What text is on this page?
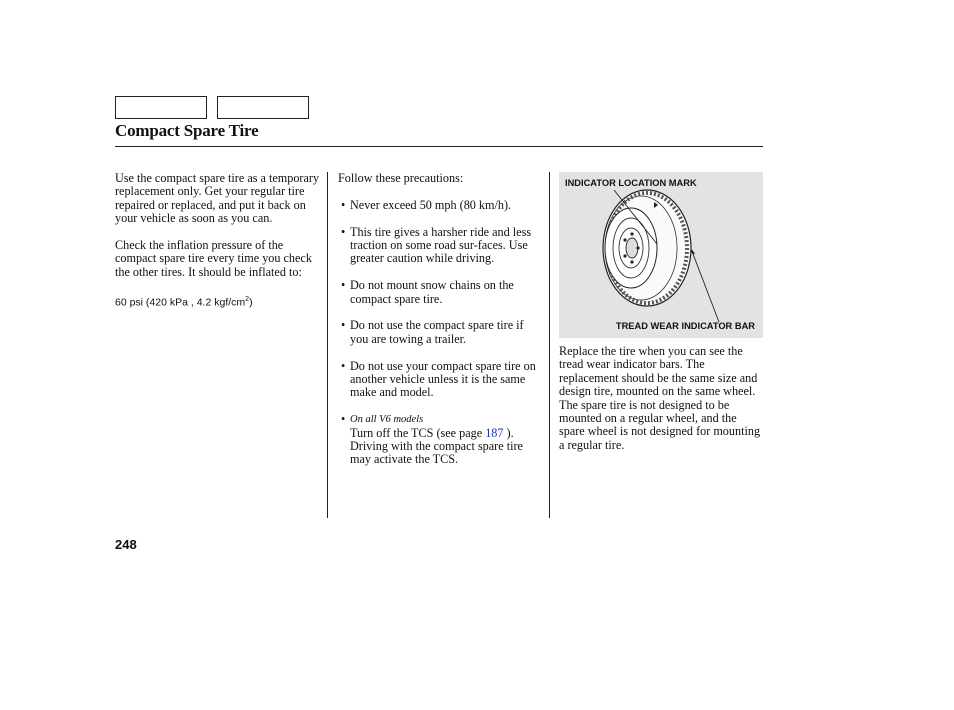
Compact Spare Tire

Use the compact spare tire as a temporary replacement only. Get your regular tire repaired or replaced, and put it back on your vehicle as soon as you can.

Check the inflation pressure of the compact spare tire every time you check the other tires. It should be inflated to:

60 psi (420 kPa , 4.2 kgf/$cm^2$)

Follow these precautions:

• Never exceed 50 mph (80 km/h).
• This tire gives a harsher ride and less traction on some road sur-faces. Use greater caution while driving.
• Do not mount snow chains on the compact spare tire.
• Do not use the compact spare tire if you are towing a trailer.
• Do not use your compact spare tire on another vehicle unless it is the same make and model.
• On all V6 models
Turn off the TCS (see page 187 ). Driving with the compact spare tire may activate the TCS.
INDICATOR LOCATION MARK
TREAD WEAR INDICATOR BAR

Replace the tire when you can see the tread wear indicator bars. The replacement should be the same size and design tire, mounted on the same wheel. The spare tire is not designed to be mounted on a regular wheel, and the spare wheel is not designed for mounting a regular tire.

248
